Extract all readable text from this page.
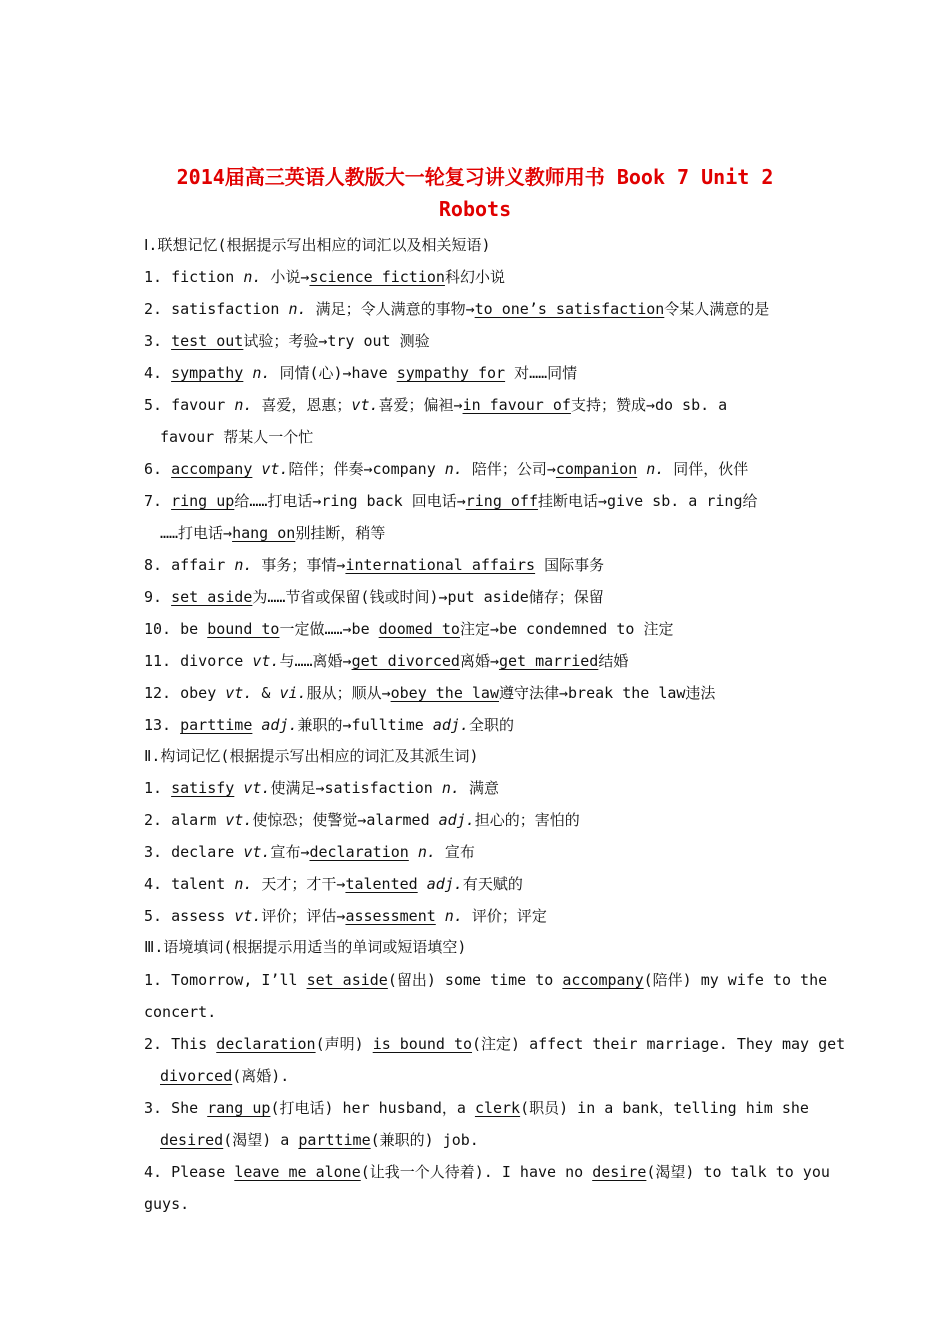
2014届高三英语人教版大一轮复习讲义教师用书 Book 7 Unit 2
Robots
Ⅰ.联想记忆(根据提示写出相应的词汇以及相关短语)
1. fiction n. 小说→science fiction科幻小说
2. satisfaction n. 满足；令人满意的事物→to one’s satisfaction令某人满意的是
3. test out试验；考验→try out 测验
4. sympathy n. 同情(心)→have sympathy for 对……同情
5. favour n. 喜爱，恩惠；vt.喜爱；偏袒→in favour of支持；赞成→do sb. a
favour 帮某人一个忙
6. accompany vt.陪伴；伴奏→company n. 陪伴；公司→companion n. 同伴，伙伴
7. ring up给……打电话→ring back 回电话→ring off挂断电话→give sb. a ring给
……打电话→hang on别挂断，稍等
8. affair n. 事务；事情→international affairs 国际事务
9. set aside为……节省或保留(钱或时间)→put aside储存；保留
10. be bound to一定做……→be doomed to注定→be condemned to 注定
11. divorce vt.与……离婚→get divorced离婚→get married结婚
12. obey vt. & vi.服从；顺从→obey the law遵守法律→break the law违法
13. parttime adj.兼职的→fulltime adj.全职的
Ⅱ.构词记忆(根据提示写出相应的词汇及其派生词)
1. satisfy vt.使满足→satisfaction n. 满意
2. alarm vt.使惊恐；使警觉→alarmed adj.担心的；害怕的
3. declare vt.宣布→declaration n. 宣布
4. talent n. 天才；才干→talented adj.有天赋的
5. assess vt.评价；评估→assessment n. 评价；评定
Ⅲ.语境填词(根据提示用适当的单词或短语填空)
1. Tomorrow, I’ll set aside(留出) some time to accompany(陪伴) my wife to the
concert.
2. This declaration(声明) is bound to(注定) affect their marriage. They may get
divorced(离婚).
3. She rang up(打电话) her husband，a clerk(职员) in a bank，telling him she
desired(渴望) a parttime(兼职的) job.
4. Please leave me alone(让我一个人待着). I have no desire(渴望) to talk to you
guys.
